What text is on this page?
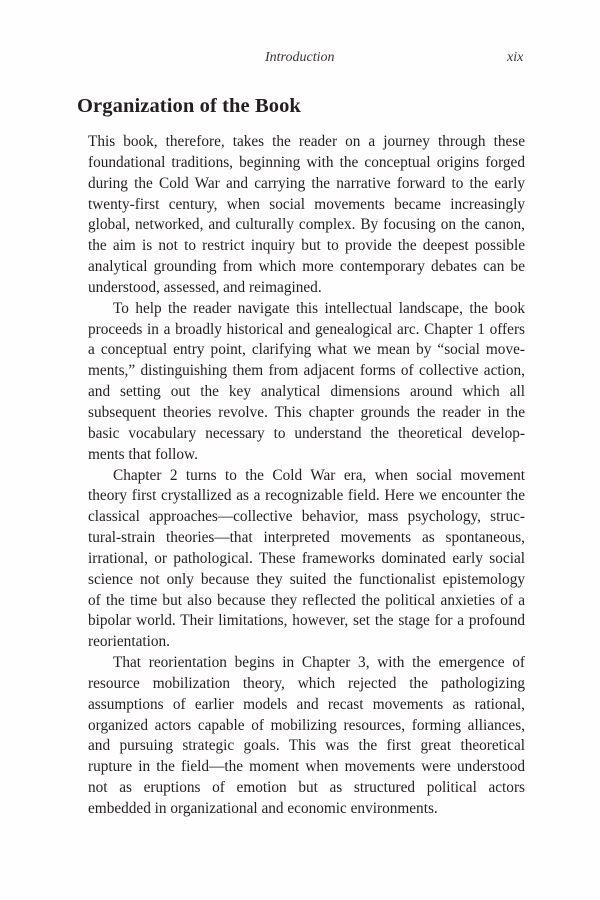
Introduction	xix
Organization of the Book
This book, therefore, takes the reader on a journey through these
foundational traditions, beginning with the conceptual origins forged
during the Cold War and carrying the narrative forward to the early
twenty-first century, when social movements became increasingly
global, networked, and culturally complex. By focusing on the canon,
the aim is not to restrict inquiry but to provide the deepest possible
analytical grounding from which more contemporary debates can be
understood, assessed, and reimagined.
To help the reader navigate this intellectual landscape, the book
proceeds in a broadly historical and genealogical arc. Chapter 1 offers
a conceptual entry point, clarifying what we mean by “social move-
ments,” distinguishing them from adjacent forms of collective action,
and setting out the key analytical dimensions around which all
subsequent theories revolve. This chapter grounds the reader in the
basic vocabulary necessary to understand the theoretical develop-
ments that follow.
Chapter 2 turns to the Cold War era, when social movement
theory first crystallized as a recognizable field. Here we encounter the
classical approaches—collective behavior, mass psychology, struc-
tural-strain theories—that interpreted movements as spontaneous,
irrational, or pathological. These frameworks dominated early social
science not only because they suited the functionalist epistemology
of the time but also because they reflected the political anxieties of a
bipolar world. Their limitations, however, set the stage for a profound
reorientation.
That reorientation begins in Chapter 3, with the emergence of
resource mobilization theory, which rejected the pathologizing
assumptions of earlier models and recast movements as rational,
organized actors capable of mobilizing resources, forming alliances,
and pursuing strategic goals. This was the first great theoretical
rupture in the field—the moment when movements were understood
not as eruptions of emotion but as structured political actors
embedded in organizational and economic environments.
